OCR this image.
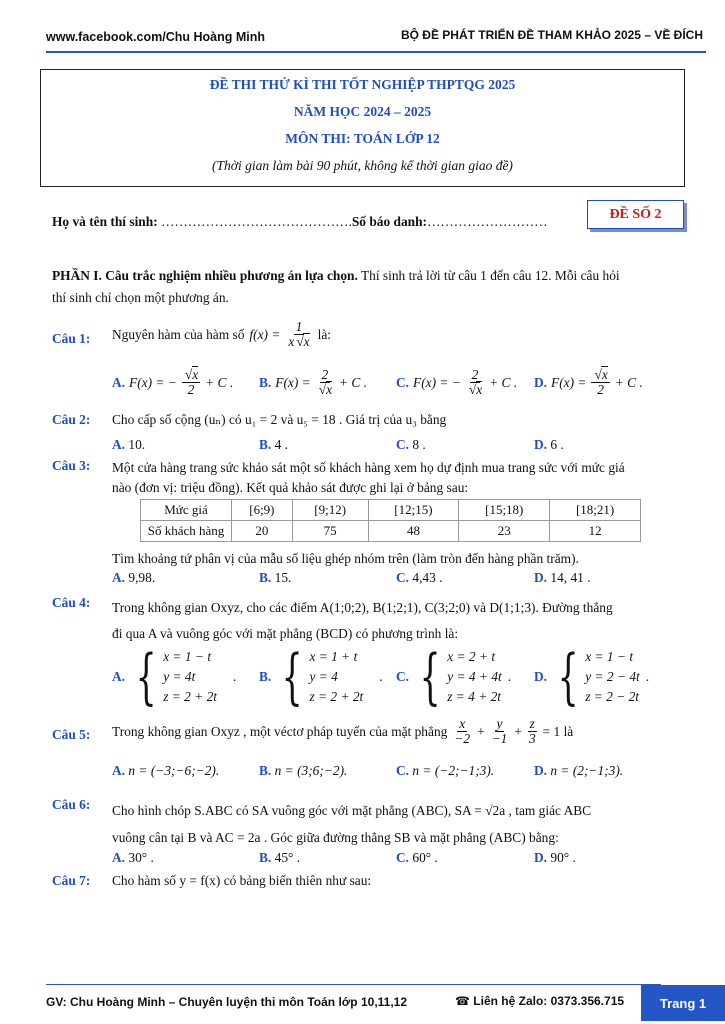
www.facebook.com/Chu Hoàng Minh	BỘ ĐỀ PHÁT TRIỂN ĐỀ THAM KHẢO 2025 – VỀ ĐÍCH
ĐỀ THI THỬ KÌ THI TỐT NGHIỆP THPTQG 2025
NĂM HỌC 2024 – 2025
MÔN THI: TOÁN LỚP 12
(Thời gian làm bài 90 phút, không kể thời gian giao đề)
ĐỀ SỐ 2
Họ và tên thí sinh: …………………………………….Số báo danh:………………………
PHẦN I. Câu trắc nghiệm nhiều phương án lựa chọn. Thí sinh trả lời từ câu 1 đến câu 12. Mỗi câu hỏi
thí sinh chỉ chọn một phương án.
Câu 1: Nguyên hàm của hàm số $f(x) = \frac{1}{x √ x}$ là:
A. F(x) = − √ $\frac{x}{2} + C$ . B. F(x) = 2
√ x + C . C. F(x) = − 2
√ x + C . D. F(x) = √ $\frac{x}{2} + C$ .
Câu 2: Cho cấp số cộng (uₙ) có u₁ = 2 và u₅ = 18 . Giá trị của u₃ bằng
A. 10.	B. 4 .	C. 8 .	D. 6 .
Câu 3: Một cửa hàng trang sức khảo sát một số khách hàng xem họ dự định mua trang sức với mức giá
nào (đơn vị: triệu đồng). Kết quả khảo sát được ghi lại ở bảng sau:
Mức giá	[6;9)	[9;12)	[12;15)	[15;18)	[18;21)
Số khách hàng	20	75	48	23	12
Tìm khoảng tứ phân vị của mẫu số liệu ghép nhóm trên (làm tròn đến hàng phần trăm).
A. 9,98.	B. 15.	C. 4,43 .	D. 14, 41 .
Câu 4: Trong không gian Oxyz, cho các điểm A(1;0;2), B(1;2;1), C(3;2;0) và D(1;1;3). Đường thẳng
đi qua A và vuông góc với mặt phẳng (BCD) có phương trình là:
A. { x = 1 − t
y = 4t
z = 2 + 2t
. B. { x = 1 + t
y = 4
z = 2 + 2t
. C. { x = 2 + t
y = 4 + 4t
z = 4 + 2t
. D. { x = 1 − t
y = 2 − 4t
z = 2 − 2t
.
Câu 5: Trong không gian Oxyz , một véctơ pháp tuyến của mặt phẳng $\frac{x}{-2} + \frac{y}{-1} + \frac{z}{3} = 1$ là
A. n = (−3;−6;−2).	B. n = (3;6;−2).	C. n = (−2;−1;3).	D. n = (2;−1;3).
Câu 6: Cho hình chóp S.ABC có SA vuông góc với mặt phẳng (ABC), SA = √2a , tam giác ABC
vuông cân tại B và AC = 2a . Góc giữa đường thẳng SB và mặt phẳng (ABC) bằng:
A. 30° .	B. 45° .	C. 60° .	D. 90° .
Câu 7: Cho hàm số y = f(x) có bảng biến thiên như sau:
GV: Chu Hoàng Minh – Chuyên luyện thi môn Toán lớp 10,11,12	☎ Liên hệ Zalo: 0373.356.715	Trang 1
